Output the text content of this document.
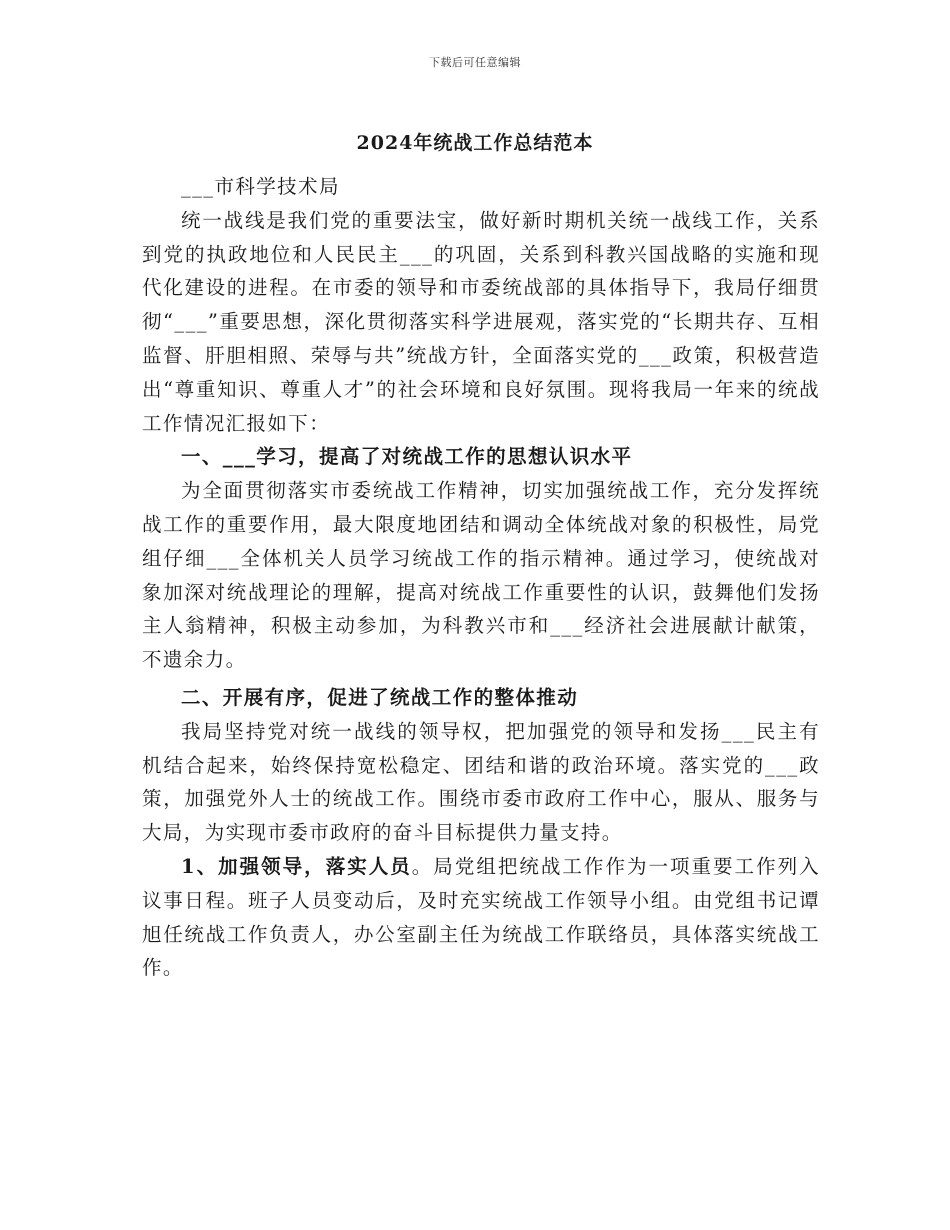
下载后可任意编辑
2024年统战工作总结范本

___市科学技术局

统一战线是我们党的重要法宝，做好新时期机关统一战线工作，关系到党的执政地位和人民民主___的巩固，关系到科教兴国战略的实施和现代化建设的进程。在市委的领导和市委统战部的具体指导下，我局仔细贯彻“___”重要思想，深化贯彻落实科学进展观，落实党的“长期共存、互相监督、肝胆相照、荣辱与共”统战方针，全面落实党的___政策，积极营造出“尊重知识、尊重人才”的社会环境和良好氛围。现将我局一年来的统战工作情况汇报如下：

一、___学习，提高了对统战工作的思想认识水平

为全面贯彻落实市委统战工作精神，切实加强统战工作，充分发挥统战工作的重要作用，最大限度地团结和调动全体统战对象的积极性，局党组仔细___全体机关人员学习统战工作的指示精神。通过学习，使统战对象加深对统战理论的理解，提高对统战工作重要性的认识，鼓舞他们发扬主人翁精神，积极主动参加，为科教兴市和___经济社会进展献计献策，不遗余力。

二、开展有序，促进了统战工作的整体推动

我局坚持党对统一战线的领导权，把加强党的领导和发扬___民主有机结合起来，始终保持宽松稳定、团结和谐的政治环境。落实党的___政策，加强党外人士的统战工作。围绕市委市政府工作中心，服从、服务与大局，为实现市委市政府的奋斗目标提供力量支持。

1、加强领导，落实人员。局党组把统战工作作为一项重要工作列入议事日程。班子人员变动后，及时充实统战工作领导小组。由党组书记谭旭任统战工作负责人，办公室副主任为统战工作联络员，具体落实统战工作。
